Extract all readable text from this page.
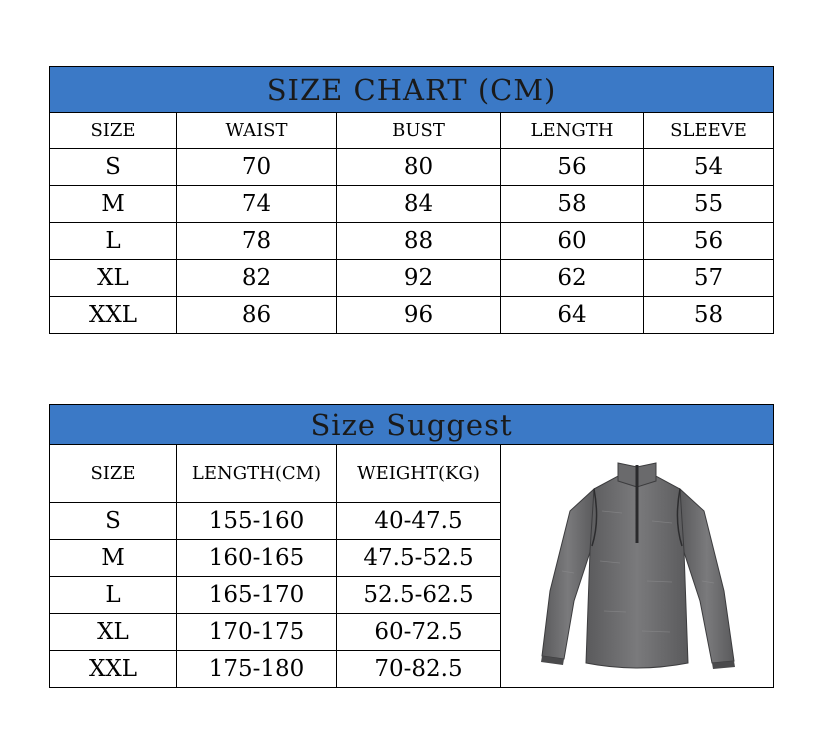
SIZE CHART (CM)				
SIZE	WAIST	BUST	LENGTH	SLEEVE
S	70	80	56	54
M	74	84	58	55
L	78	88	60	56
XL	82	92	62	57
XXL	86	96	64	58
Size Suggest			
SIZE	LENGTH(CM)	WEIGHT(KG)	

S	155-160	40-47.5	
M	160-165	47.5-52.5	
L	165-170	52.5-62.5	
XL	170-175	60-72.5	
XXL	175-180	70-82.5	
